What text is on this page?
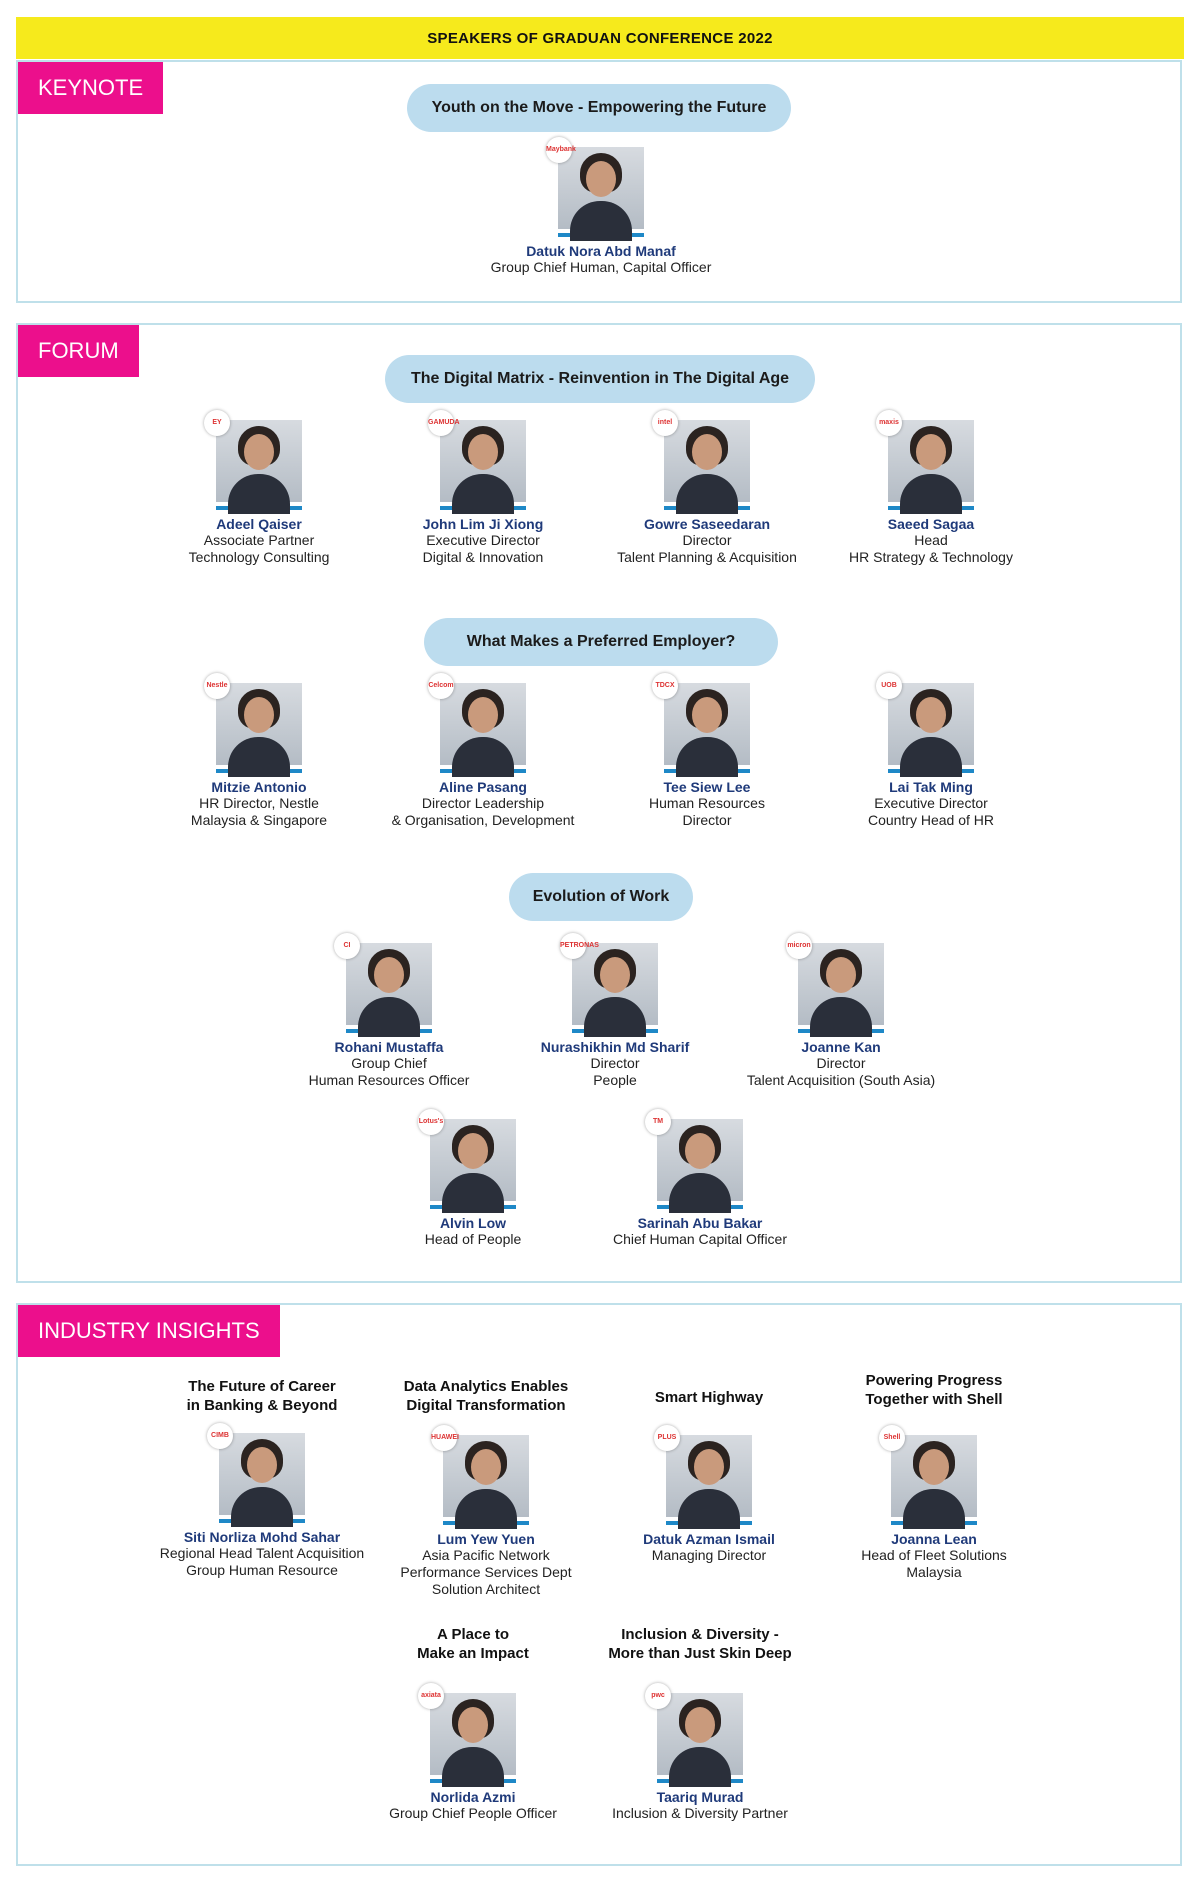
SPEAKERS OF GRADUAN CONFERENCE 2022
KEYNOTE
Youth on the Move - Empowering the Future
Maybank
Datuk Nora Abd Manaf
Group Chief Human, Capital Officer
FORUM
The Digital Matrix - Reinvention in The Digital Age
EY
Adeel Qaiser
Associate Partner
Technology Consulting
GAMUDA
John Lim Ji Xiong
Executive Director
Digital & Innovation
intel
Gowre Saseedaran
Director
Talent Planning & Acquisition
maxis
Saeed Sagaa
Head
HR Strategy & Technology
What Makes a Preferred Employer?
Nestle
Mitzie Antonio
HR Director, Nestle
Malaysia & Singapore
Celcom
Aline Pasang
Director Leadership
& Organisation, Development
TDCX
Tee Siew Lee
Human Resources
Director
UOB
Lai Tak Ming
Executive Director
Country Head of HR
Evolution of Work
CI
Rohani Mustaffa
Group Chief
Human Resources Officer
PETRONAS
Nurashikhin Md Sharif
Director
People
micron
Joanne Kan
Director
Talent Acquisition (South Asia)
Lotus's
Alvin Low
Head of People
TM
Sarinah Abu Bakar
Chief Human Capital Officer
INDUSTRY INSIGHTS
The Future of Career
in Banking & Beyond
CIMB
Siti Norliza Mohd Sahar
Regional Head Talent Acquisition
Group Human Resource
Data Analytics Enables
Digital Transformation
HUAWEI
Lum Yew Yuen
Asia Pacific Network
Performance Services Dept
Solution Architect
Smart Highway
PLUS
Datuk Azman Ismail
Managing Director
Powering Progress
Together with Shell
Shell
Joanna Lean
Head of Fleet Solutions
Malaysia
A Place to
Make an Impact
axiata
Norlida Azmi
Group Chief People Officer
Inclusion & Diversity -
More than Just Skin Deep
pwc
Taariq Murad
Inclusion & Diversity Partner
